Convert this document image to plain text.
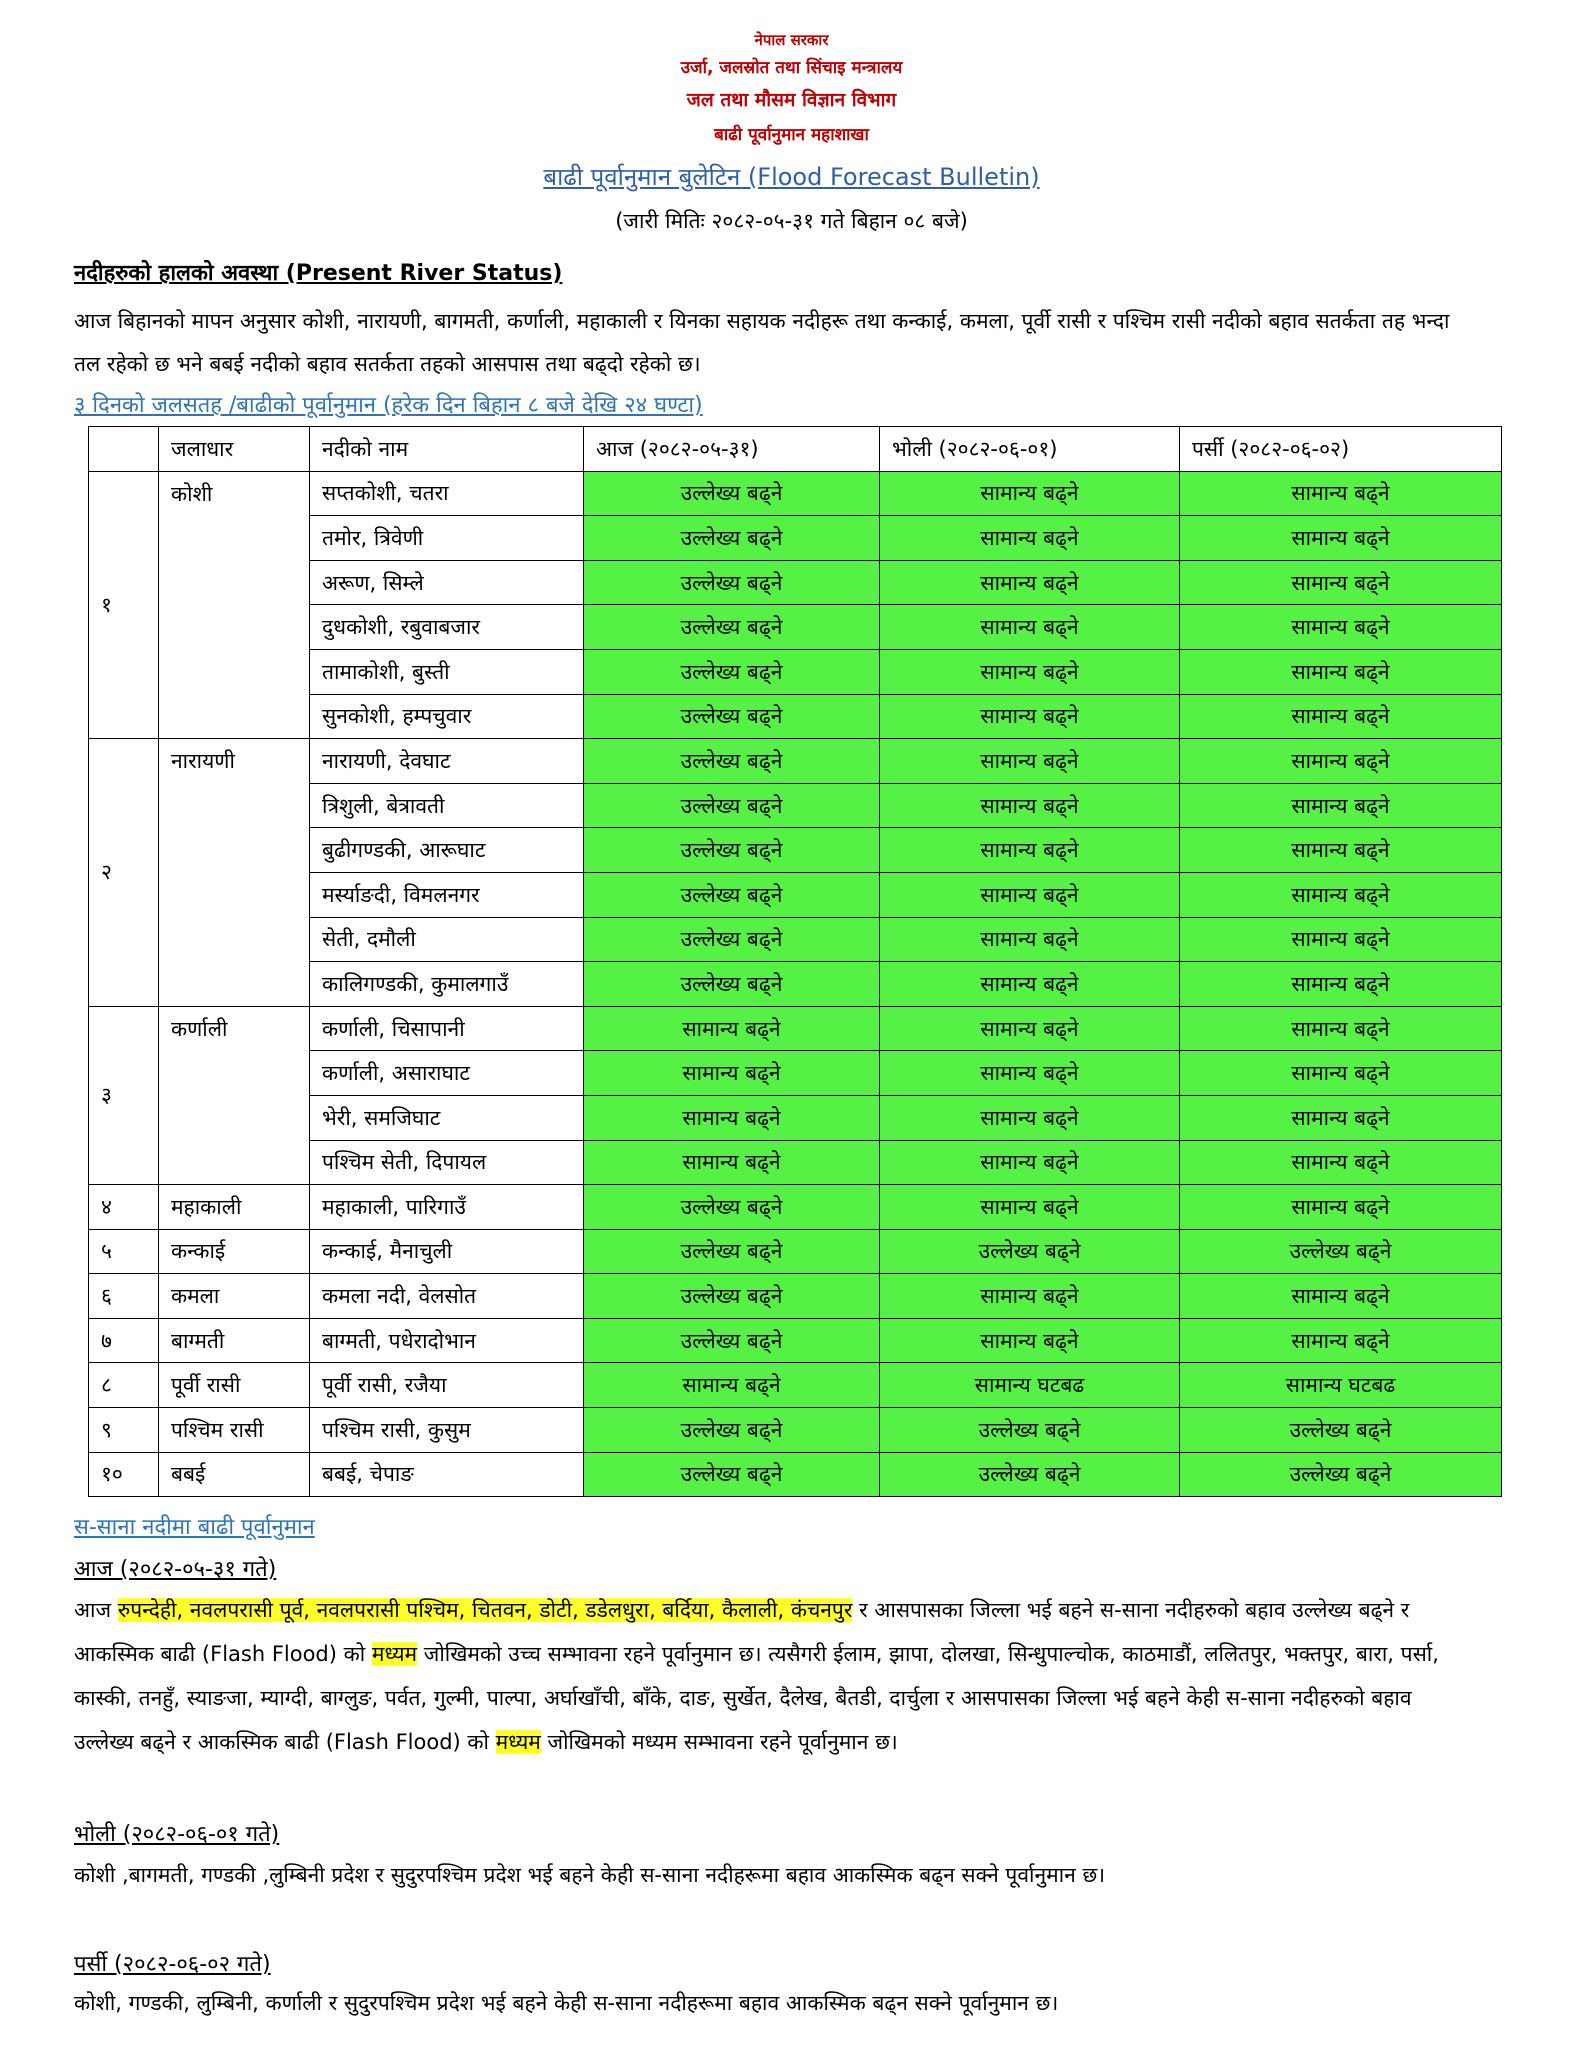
नेपाल सरकार
उर्जा, जलस्रोत तथा सिंचाइ मन्त्रालय
जल तथा मौसम विज्ञान विभाग
बाढी पूर्वानुमान महाशाखा
बाढी पूर्वानुमान बुलेटिन (Flood Forecast Bulletin)
(जारी मितिः २०८२-०५-३१ गते बिहान ०८ बजे)
नदीहरुको हालको अवस्था (Present River Status)
आज बिहानको मापन अनुसार कोशी, नारायणी, बागमती, कर्णाली, महाकाली र यिनका सहायक नदीहरू तथा कन्काई, कमला, पूर्वी रासी र पश्चिम रासी नदीको बहाव सतर्कता तह भन्दा तल रहेको छ भने बबई नदीको बहाव सतर्कता तहको आसपास तथा बढ्दो रहेको छ।
३ दिनको जलसतह /बाढीको पूर्वानुमान (हरेक दिन बिहान ८ बजे देखि २४ घण्टा)
	जलाधार	नदीको नाम	आज (२०८२-०५-३१)	भोली (२०८२-०६-०१)	पर्सी (२०८२-०६-०२)
१	कोशी	सप्तकोशी, चतरा	उल्लेख्य बढ्ने	सामान्य बढ्ने	सामान्य बढ्ने
		तमोर, त्रिवेणी	उल्लेख्य बढ्ने	सामान्य बढ्ने	सामान्य बढ्ने
		अरूण, सिम्ले	उल्लेख्य बढ्ने	सामान्य बढ्ने	सामान्य बढ्ने
		दुधकोशी, रबुवाबजार	उल्लेख्य बढ्ने	सामान्य बढ्ने	सामान्य बढ्ने
		तामाकोशी, बुस्ती	उल्लेख्य बढ्ने	सामान्य बढ्ने	सामान्य बढ्ने
		सुनकोशी, हम्पचुवार	उल्लेख्य बढ्ने	सामान्य बढ्ने	सामान्य बढ्ने
२	नारायणी	नारायणी, देवघाट	उल्लेख्य बढ्ने	सामान्य बढ्ने	सामान्य बढ्ने
		त्रिशुली, बेत्रावती	उल्लेख्य बढ्ने	सामान्य बढ्ने	सामान्य बढ्ने
		बुढीगण्डकी, आरूघाट	उल्लेख्य बढ्ने	सामान्य बढ्ने	सामान्य बढ्ने
		मर्स्याङदी, विमलनगर	उल्लेख्य बढ्ने	सामान्य बढ्ने	सामान्य बढ्ने
		सेती, दमौली	उल्लेख्य बढ्ने	सामान्य बढ्ने	सामान्य बढ्ने
		कालिगण्डकी, कुमालगाउँ	उल्लेख्य बढ्ने	सामान्य बढ्ने	सामान्य बढ्ने
३	कर्णाली	कर्णाली, चिसापानी	सामान्य बढ्ने	सामान्य बढ्ने	सामान्य बढ्ने
		कर्णाली, असाराघाट	सामान्य बढ्ने	सामान्य बढ्ने	सामान्य बढ्ने
		भेरी, समजिघाट	सामान्य बढ्ने	सामान्य बढ्ने	सामान्य बढ्ने
		पश्चिम सेती, दिपायल	सामान्य बढ्ने	सामान्य बढ्ने	सामान्य बढ्ने
४	महाकाली	महाकाली, पारिगाउँ	उल्लेख्य बढ्ने	सामान्य बढ्ने	सामान्य बढ्ने
५	कन्काई	कन्काई, मैनाचुली	उल्लेख्य बढ्ने	उल्लेख्य बढ्ने	उल्लेख्य बढ्ने
६	कमला	कमला नदी, वेलसोत	उल्लेख्य बढ्ने	सामान्य बढ्ने	सामान्य बढ्ने
७	बाग्मती	बाग्मती, पधेरादोभान	उल्लेख्य बढ्ने	सामान्य बढ्ने	सामान्य बढ्ने
८	पूर्वी रासी	पूर्वी रासी, रजैया	सामान्य बढ्ने	सामान्य घटबढ	सामान्य घटबढ
९	पश्चिम रासी	पश्चिम रासी, कुसुम	उल्लेख्य बढ्ने	उल्लेख्य बढ्ने	उल्लेख्य बढ्ने
१०	बबई	बबई, चेपाङ	उल्लेख्य बढ्ने	उल्लेख्य बढ्ने	उल्लेख्य बढ्ने
स-साना नदीमा बाढी पूर्वानुमान
आज (२०८२-०५-३१ गते)
आज रुपन्देही, नवलपरासी पूर्व, नवलपरासी पश्चिम, चितवन, डोटी, डडेलधुरा, बर्दिया, कैलाली, कंचनपुर र आसपासका जिल्ला भई बहने स-साना नदीहरुको बहाव उल्लेख्य बढ्ने र आकस्मिक बाढी (Flash Flood) को मध्यम जोखिमको उच्च सम्भावना रहने पूर्वानुमान छ। त्यसैगरी ईलाम, झापा, दोलखा, सिन्धुपाल्चोक, काठमाडौं, ललितपुर, भक्तपुर, बारा, पर्सा, कास्की, तनहुँ, स्याङजा, म्याग्दी, बाग्लुङ, पर्वत, गुल्मी, पाल्पा, अर्घाखाँची, बाँके, दाङ, सुर्खेत, दैलेख, बैतडी, दार्चुला र आसपासका जिल्ला भई बहने केही स-साना नदीहरुको बहाव उल्लेख्य बढ्ने र आकस्मिक बाढी (Flash Flood) को मध्यम जोखिमको मध्यम सम्भावना रहने पूर्वानुमान छ।
भोली (२०८२-०६-०१ गते)
कोशी ,बागमती, गण्डकी ,लुम्बिनी प्रदेश र सुदुरपश्चिम प्रदेश भई बहने केही स-साना नदीहरूमा बहाव आकस्मिक बढ्न सक्ने पूर्वानुमान छ।
पर्सी (२०८२-०६-०२ गते)
कोशी, गण्डकी, लुम्बिनी, कर्णाली र सुदुरपश्चिम प्रदेश भई बहने केही स-साना नदीहरूमा बहाव आकस्मिक बढ्न सक्ने पूर्वानुमान छ।
